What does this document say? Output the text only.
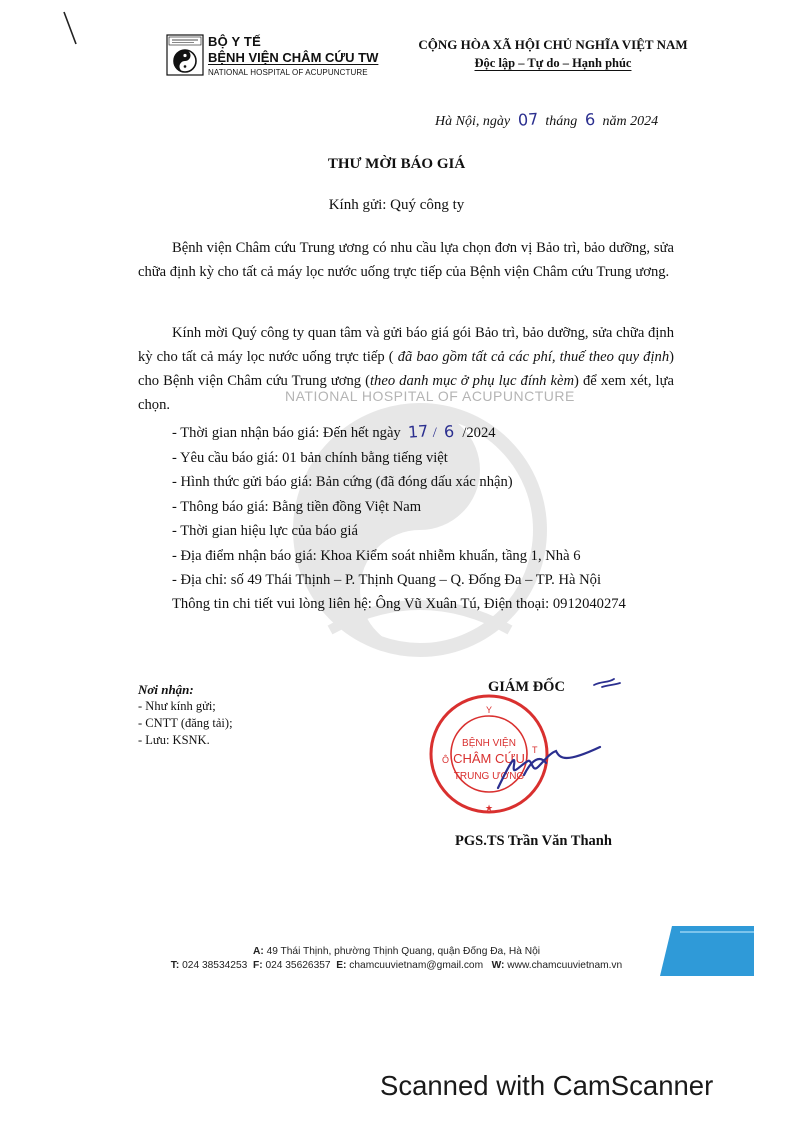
BỘ Y TẾ
BỆNH VIỆN CHÂM CỨU TW
NATIONAL HOSPITAL OF ACUPUNCTURE
CỘNG HÒA XÃ HỘI CHỦ NGHĨA VIỆT NAM
Độc lập – Tự do – Hạnh phúc
Hà Nội, ngày 07 tháng 6 năm 2024
THƯ MỜI BÁO GIÁ
Kính gửi: Quý công ty
NATIONAL HOSPITAL OF ACUPUNCTURE
Bệnh viện Châm cứu Trung ương có nhu cầu lựa chọn đơn vị Bảo trì, bảo dưỡng, sửa chữa định kỳ cho tất cả máy lọc nước uống trực tiếp của Bệnh viện Châm cứu Trung ương.
Kính mời Quý công ty quan tâm và gửi báo giá gói Bảo trì, bảo dưỡng, sửa chữa định kỳ cho tất cả máy lọc nước uống trực tiếp ( đã bao gồm tất cả các phí, thuế theo quy định) cho Bệnh viện Châm cứu Trung ương (theo danh mục ở phụ lục đính kèm) để xem xét, lựa chọn.
- Thời gian nhận báo giá: Đến hết ngày 17 / 6 /2024
- Yêu cầu báo giá: 01 bản chính bằng tiếng việt
- Hình thức gửi báo giá: Bản cứng (đã đóng dấu xác nhận)
- Thông báo giá: Bằng tiền đồng Việt Nam
- Thời gian hiệu lực của báo giá
- Địa điểm nhận báo giá: Khoa Kiểm soát nhiễm khuẩn, tầng 1, Nhà 6
- Địa chỉ: số 49 Thái Thịnh – P. Thịnh Quang – Q. Đống Đa – TP. Hà Nội
Thông tin chi tiết vui lòng liên hệ: Ông Vũ Xuân Tú, Điện thoại: 0912040274
Nơi nhận:
- Như kính gửi;
- CNTT (đăng tải);
- Lưu: KSNK.
GIÁM ĐỐC
Y
Ô
T
★
BỆNH VIỆN
CHÂM CỨU
TRUNG ƯƠNG
PGS.TS Trần Văn Thanh
A: 49 Thái Thịnh, phường Thịnh Quang, quận Đống Đa, Hà Nội
T: 024 38534253 F: 024 35626357 E: chamcuuvietnam@gmail.com W: www.chamcuuvietnam.vn
Scanned with CamScanner
